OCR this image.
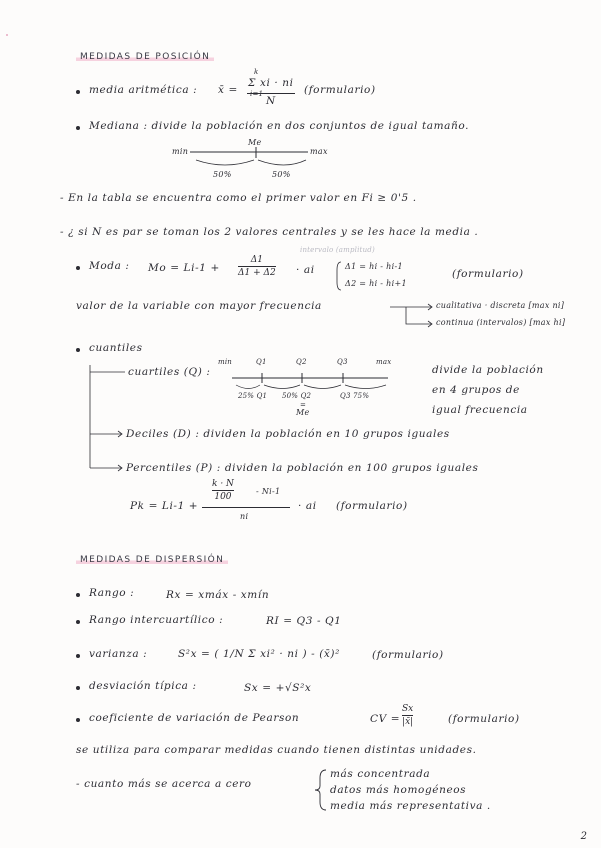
MEDIDAS DE POSICIÓN
media aritmética : x̄ =
k
Σ xi · ni
i=1
N
(formulario)
Mediana : divide la población en dos conjuntos de igual tamaño.
Me
min	max
50%	50%
- En la tabla se encuentra como el primer valor en Fi ≥ 0'5 .
- ¿ si N es par se toman los 2 valores centrales y se les hace la media .
Moda : Mo = Li-1 +
Δ1
Δ1 + Δ2 · ai
intervalo (amplitud)
Δ1 = hi - hi-1
Δ2 = hi - hi+1
(formulario)
valor de la variable con mayor frecuencia	cualitativa · discreta [max ni]
continua (intervalos) [max hi]
cuantiles
cuartiles (Q) :
min	Q1	Q2	Q3	max
25% Q1 50% Q2	Q3 75%
=
Me
divide la población
en 4 grupos de
igual frecuencia
Deciles (D) : dividen la población en 10 grupos iguales
Percentiles (P) : dividen la población en 100 grupos iguales
Pk = Li-1 +
k · N
100
- Ni-1
ni
· ai (formulario)
MEDIDAS DE DISPERSIÓN
Rango :	Rx = xmáx - xmín
Rango intercuartílico :	RI = Q3 - Q1
varianza :	S²x = ( 1/N Σ xi² · ni ) - (x̄)²	(formulario)
desviación típica :	Sx = +√S²x
coeficiente de variación de Pearson	CV =
Sx
|x̄|	(formulario)
se utiliza para comparar medidas cuando tienen distintas unidades.
- cuanto más se acerca a cero
más concentrada
datos más homogéneos
media más representativa .
2
